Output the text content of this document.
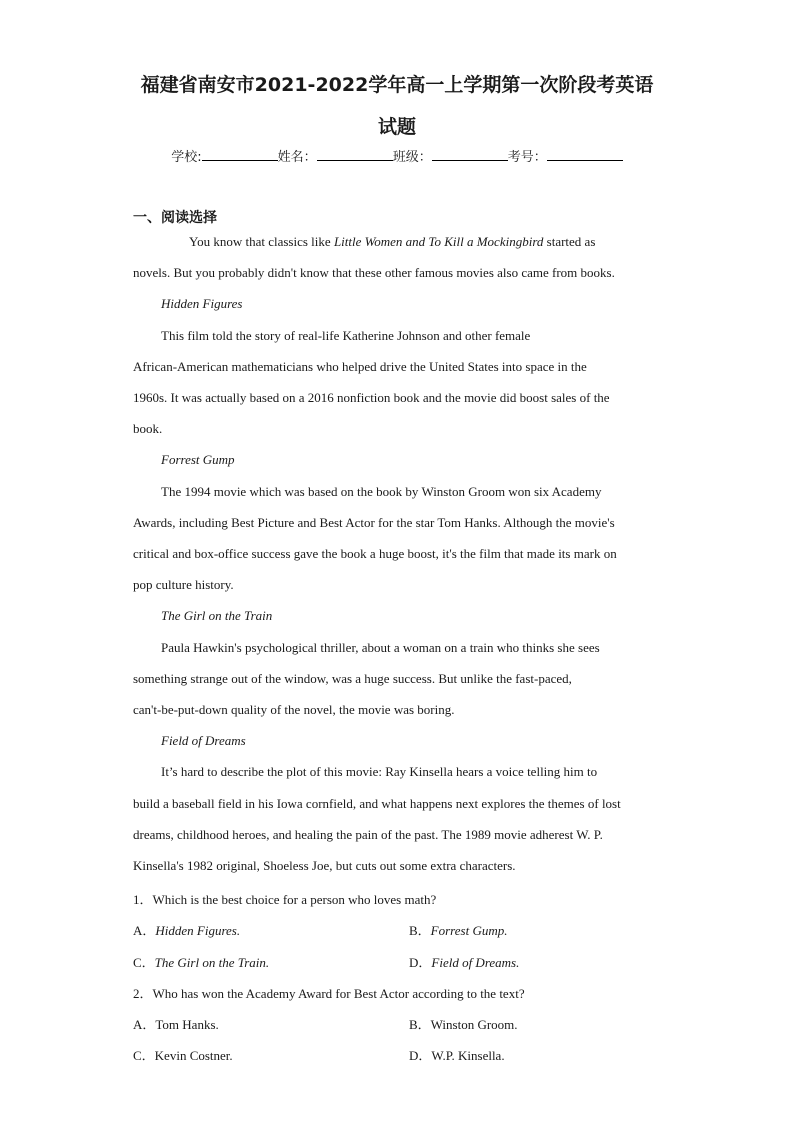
福建省南安市2021-2022学年高一上学期第一次阶段考英语
试题
学校:	姓名：	班级：	考号：
一、阅读选择
You know that classics like Little Women and To Kill a Mockingbird started as
novels. But you probably didn't know that these other famous movies also came from books.
Hidden Figures
This film told the story of real-life Katherine Johnson and other female
African-American mathematicians who helped drive the United States into space in the
1960s. It was actually based on a 2016 nonfiction book and the movie did boost sales of the
book.
Forrest Gump
The 1994 movie which was based on the book by Winston Groom won six Academy
Awards, including Best Picture and Best Actor for the star Tom Hanks. Although the movie's
critical and box-office success gave the book a huge boost, it's the film that made its mark on
pop culture history.
The Girl on the Train
Paula Hawkin's psychological thriller, about a woman on a train who thinks she sees
something strange out of the window, was a huge success. But unlike the fast-paced,
can't-be-put-down quality of the novel, the movie was boring.
Field of Dreams
It’s hard to describe the plot of this movie: Ray Kinsella hears a voice telling him to
build a baseball field in his Iowa cornfield, and what happens next explores the themes of lost
dreams, childhood heroes, and healing the pain of the past. The 1989 movie adherest W. P.
Kinsella's 1982 original, Shoeless Joe, but cuts out some extra characters.
1．Which is the best choice for a person who loves math?
A．Hidden Figures.	B．Forrest Gump.
C．The Girl on the Train.	D．Field of Dreams.
2．Who has won the Academy Award for Best Actor according to the text?
A．Tom Hanks.	B．Winston Groom.
C．Kevin Costner.	D．W.P. Kinsella.
